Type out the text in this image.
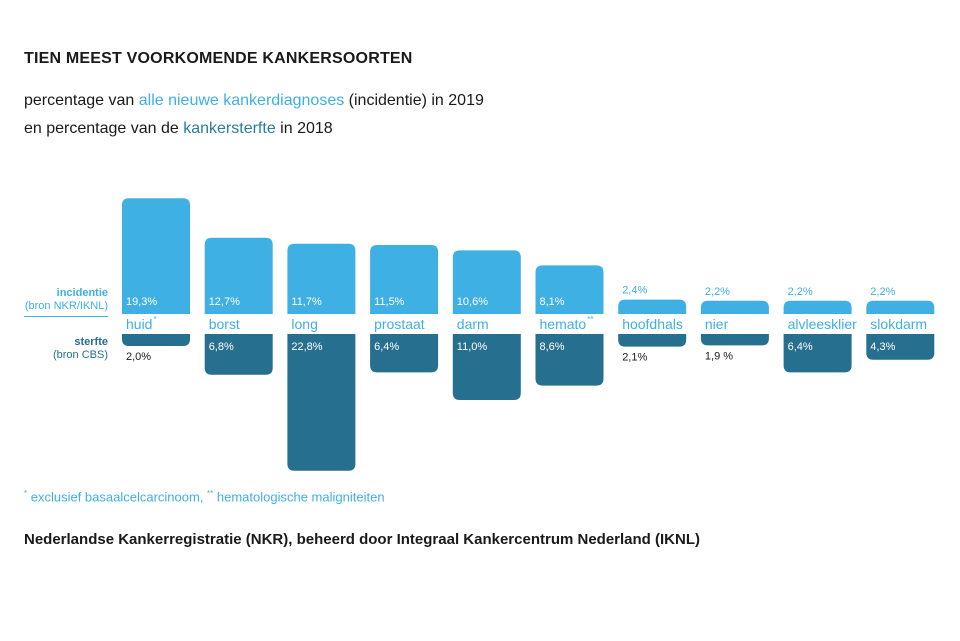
TIEN MEEST VOORKOMENDE KANKERSOORTEN
percentage van alle nieuwe kankerdiagnoses (incidentie) in 2019
en percentage van de kankersterfte in 2018
incidentie
(bron NKR/IKNL)
sterfte
(bron CBS)
19,3%
2,0%
huid *
12,7%
6,8%
borst
11,7%
22,8%
long
11,5%
6,4%
prostaat
10,6%
11,0%
darm
8,1%
8,6%
hemato **
2,4%
2,1%
hoofdhals
2,2%
1,9 %
nier
2,2%
6,4%
alvleesklier
2,2%
4,3%
slokdarm
* exclusief basaalcelcarcinoom, ** hematologische maligniteiten
Nederlandse Kankerregistratie (NKR), beheerd door Integraal Kankercentrum Nederland (IKNL)
